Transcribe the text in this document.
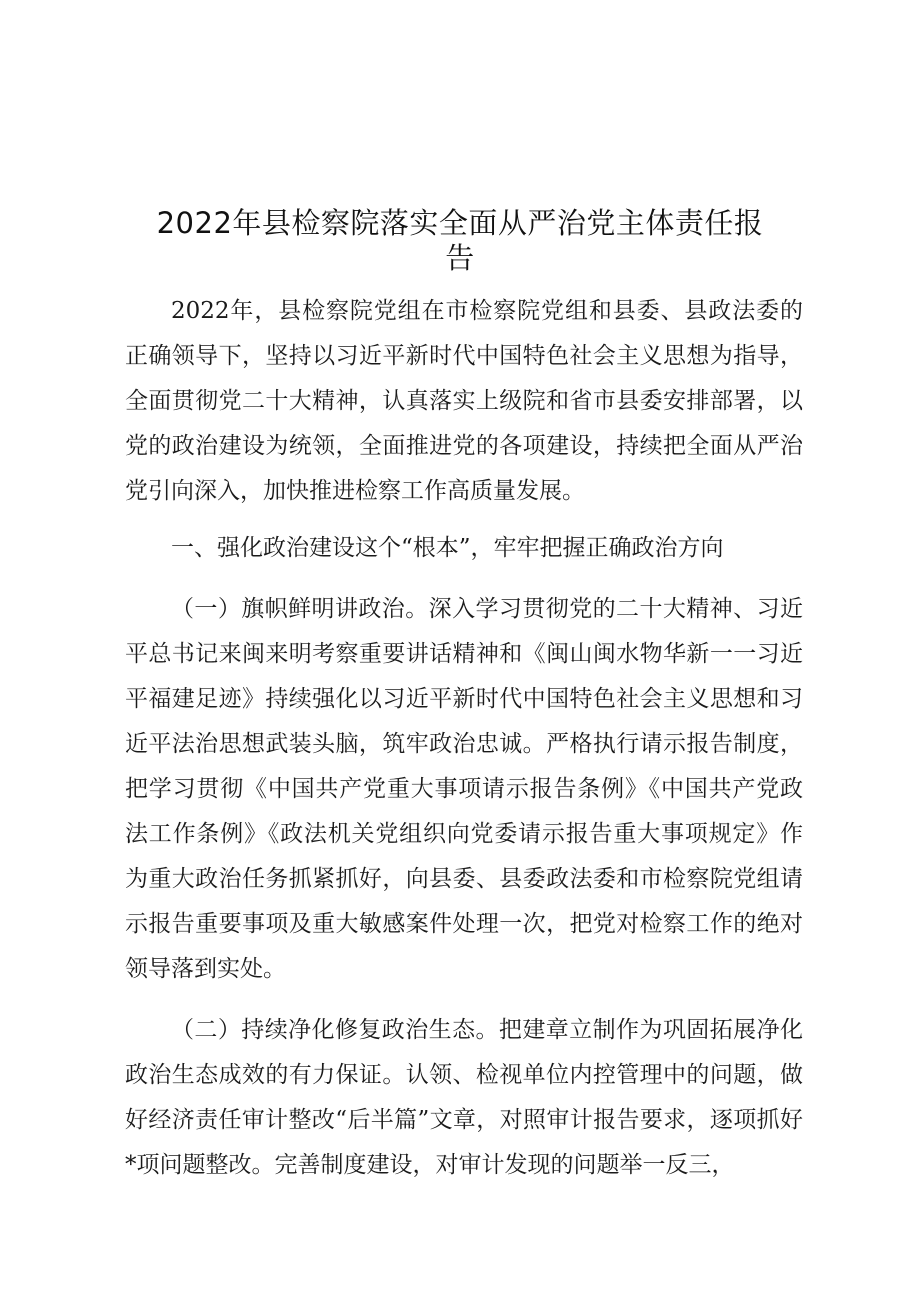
2022年县检察院落实全面从严治党主体责任报
告

2022年，县检察院党组在市检察院党组和县委、县政法委的正确领导下，坚持以习近平新时代中国特色社会主义思想为指导，全面贯彻党二十大精神，认真落实上级院和省市县委安排部署，以党的政治建设为统领，全面推进党的各项建设，持续把全面从严治党引向深入，加快推进检察工作高质量发展。

一、强化政治建设这个“根本”，牢牢把握正确政治方向

（一）旗帜鲜明讲政治。深入学习贯彻党的二十大精神、习近平总书记来闽来明考察重要讲话精神和《闽山闽水物华新一一习近平福建足迹》持续强化以习近平新时代中国特色社会主义思想和习近平法治思想武装头脑，筑牢政治忠诚。严格执行请示报告制度，把学习贯彻《中国共产党重大事项请示报告条例》《中国共产党政法工作条例》《政法机关党组织向党委请示报告重大事项规定》作为重大政治任务抓紧抓好，向县委、县委政法委和市检察院党组请示报告重要事项及重大敏感案件处理一次，把党对检察工作的绝对领导落到实处。

（二）持续净化修复政治生态。把建章立制作为巩固拓展净化政治生态成效的有力保证。认领、检视单位内控管理中的问题，做好经济责任审计整改“后半篇”文章，对照审计报告要求，逐项抓好*项问题整改。完善制度建设，对审计发现的问题举一反三，
